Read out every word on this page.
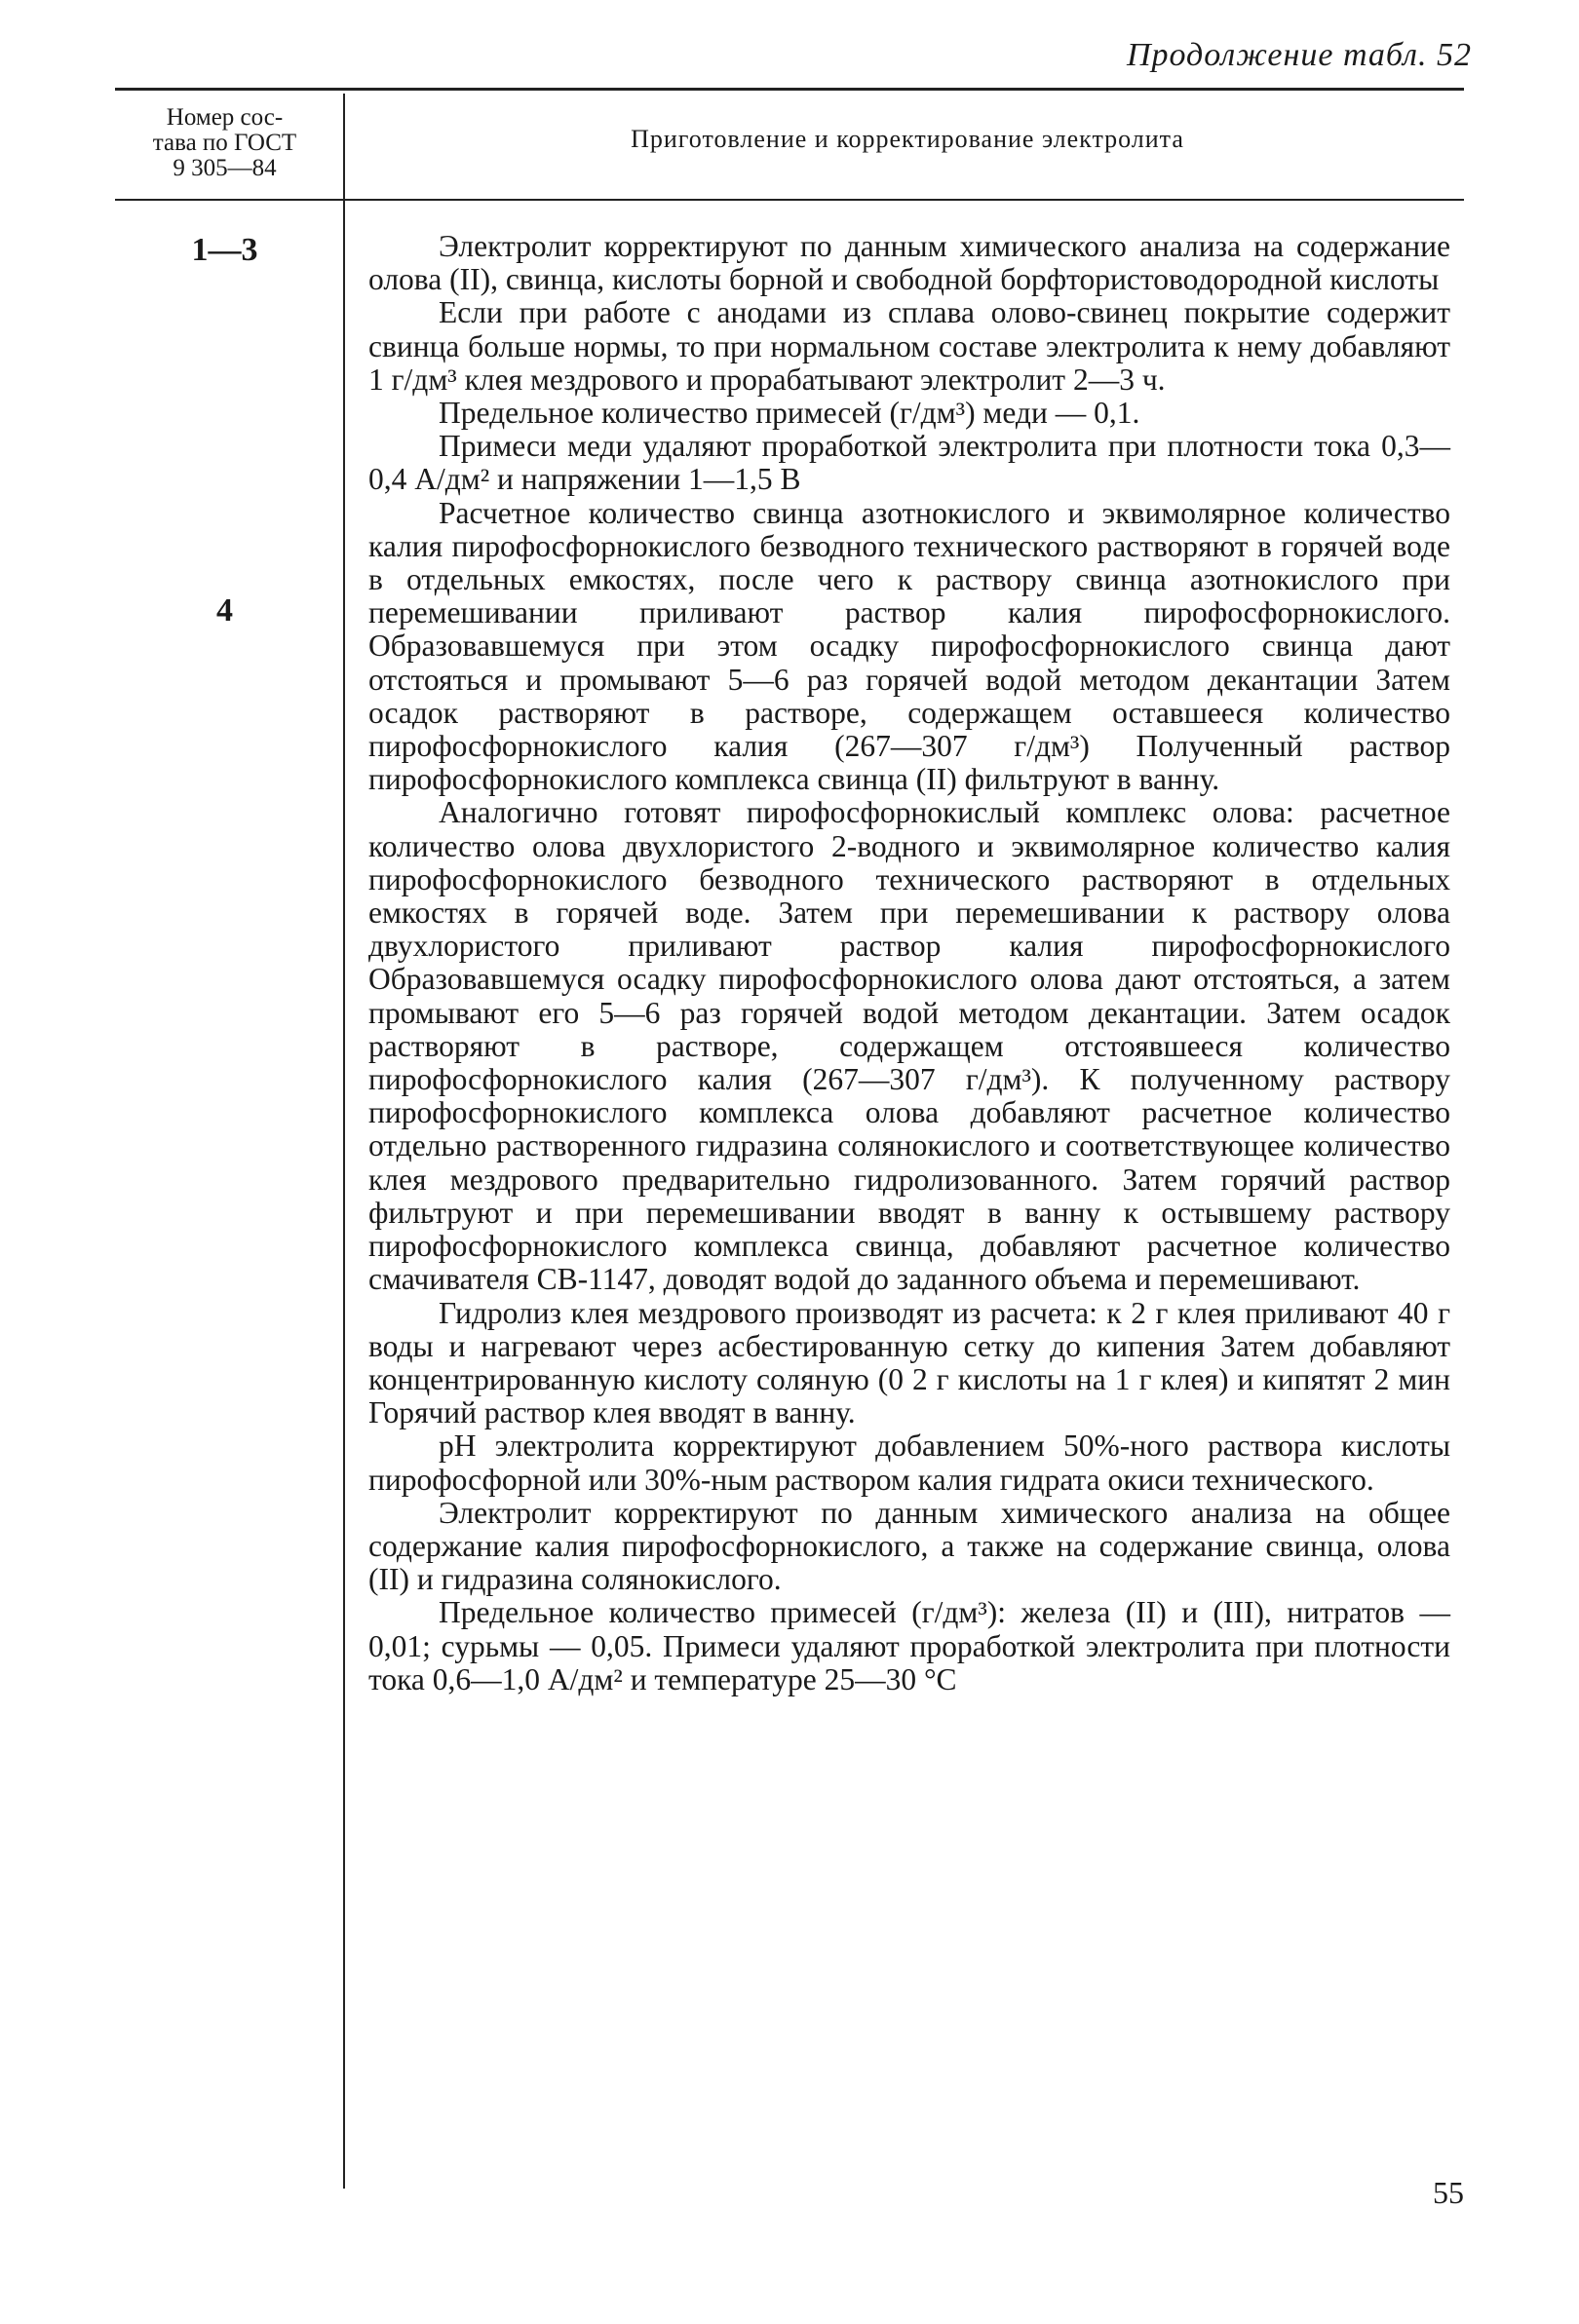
Продолжение табл. 52
Номер сос-
тава по ГОСТ
9 305—84
Приготовление и корректирование электролита
1—3
4

Электролит корректируют по данным химического анализа на содержание олова (II), свинца, кислоты борной и свободной борфтористоводородной кислоты

Если при работе с анодами из сплава олово-свинец покрытие содержит свинца больше нормы, то при нормальном составе электролита к нему добавляют 1 г/дм³ клея мездрового и прорабатывают электролит 2—3 ч.

Предельное количество примесей (г/дм³) меди — 0,1.

Примеси меди удаляют проработкой электролита при плотности тока 0,3—0,4 А/дм² и напряжении 1—1,5 В

Расчетное количество свинца азотнокислого и эквимолярное количество калия пирофосфорнокислого безводного технического растворяют в горячей воде в отдельных емкостях, после чего к раствору свинца азотнокислого при перемешивании приливают раствор калия пирофосфорнокислого. Образовавшемуся при этом осадку пирофосфорнокислого свинца дают отстояться и промывают 5—6 раз горячей водой методом декантации Затем осадок растворяют в растворе, содержащем оставшееся количество пирофосфорнокислого калия (267—307 г/дм³) Полученный раствор пирофосфорнокислого комплекса свинца (II) фильтруют в ванну.

Аналогично готовят пирофосфорнокислый комплекс олова: расчетное количество олова двухлористого 2-водного и эквимолярное количество калия пирофосфорнокислого безводного технического растворяют в отдельных емкостях в горячей воде. Затем при перемешивании к раствору олова двухлористого приливают раствор калия пирофосфорнокислого Образовавшемуся осадку пирофосфорнокислого олова дают отстояться, а затем промывают его 5—6 раз горячей водой методом декантации. Затем осадок растворяют в растворе, содержащем отстоявшееся количество пирофосфорнокислого калия (267—307 г/дм³). К полученному раствору пирофосфорнокислого комплекса олова добавляют расчетное количество отдельно растворенного гидразина солянокислого и соответствующее количество клея мездрового предварительно гидролизованного. Затем горячий раствор фильтруют и при перемешивании вводят в ванну к остывшему раствору пирофосфорнокислого комплекса свинца, добавляют расчетное количество смачивателя СВ-1147, доводят водой до заданного объема и перемешивают.

Гидролиз клея мездрового производят из расчета: к 2 г клея приливают 40 г воды и нагревают через асбестированную сетку до кипения Затем добавляют концентрированную кислоту соляную (0 2 г кислоты на 1 г клея) и кипятят 2 мин Горячий раствор клея вводят в ванну.

pH электролита корректируют добавлением 50%-ного раствора кислоты пирофосфорной или 30%-ным раствором калия гидрата окиси технического.

Электролит корректируют по данным химического анализа на общее содержание калия пирофосфорнокислого, а также на содержание свинца, олова (II) и гидразина солянокислого.

Предельное количество примесей (г/дм³): железа (II) и (III), нитратов — 0,01; сурьмы — 0,05. Примеси удаляют проработкой электролита при плотности тока 0,6—1,0 А/дм² и температуре 25—30 °С

55
